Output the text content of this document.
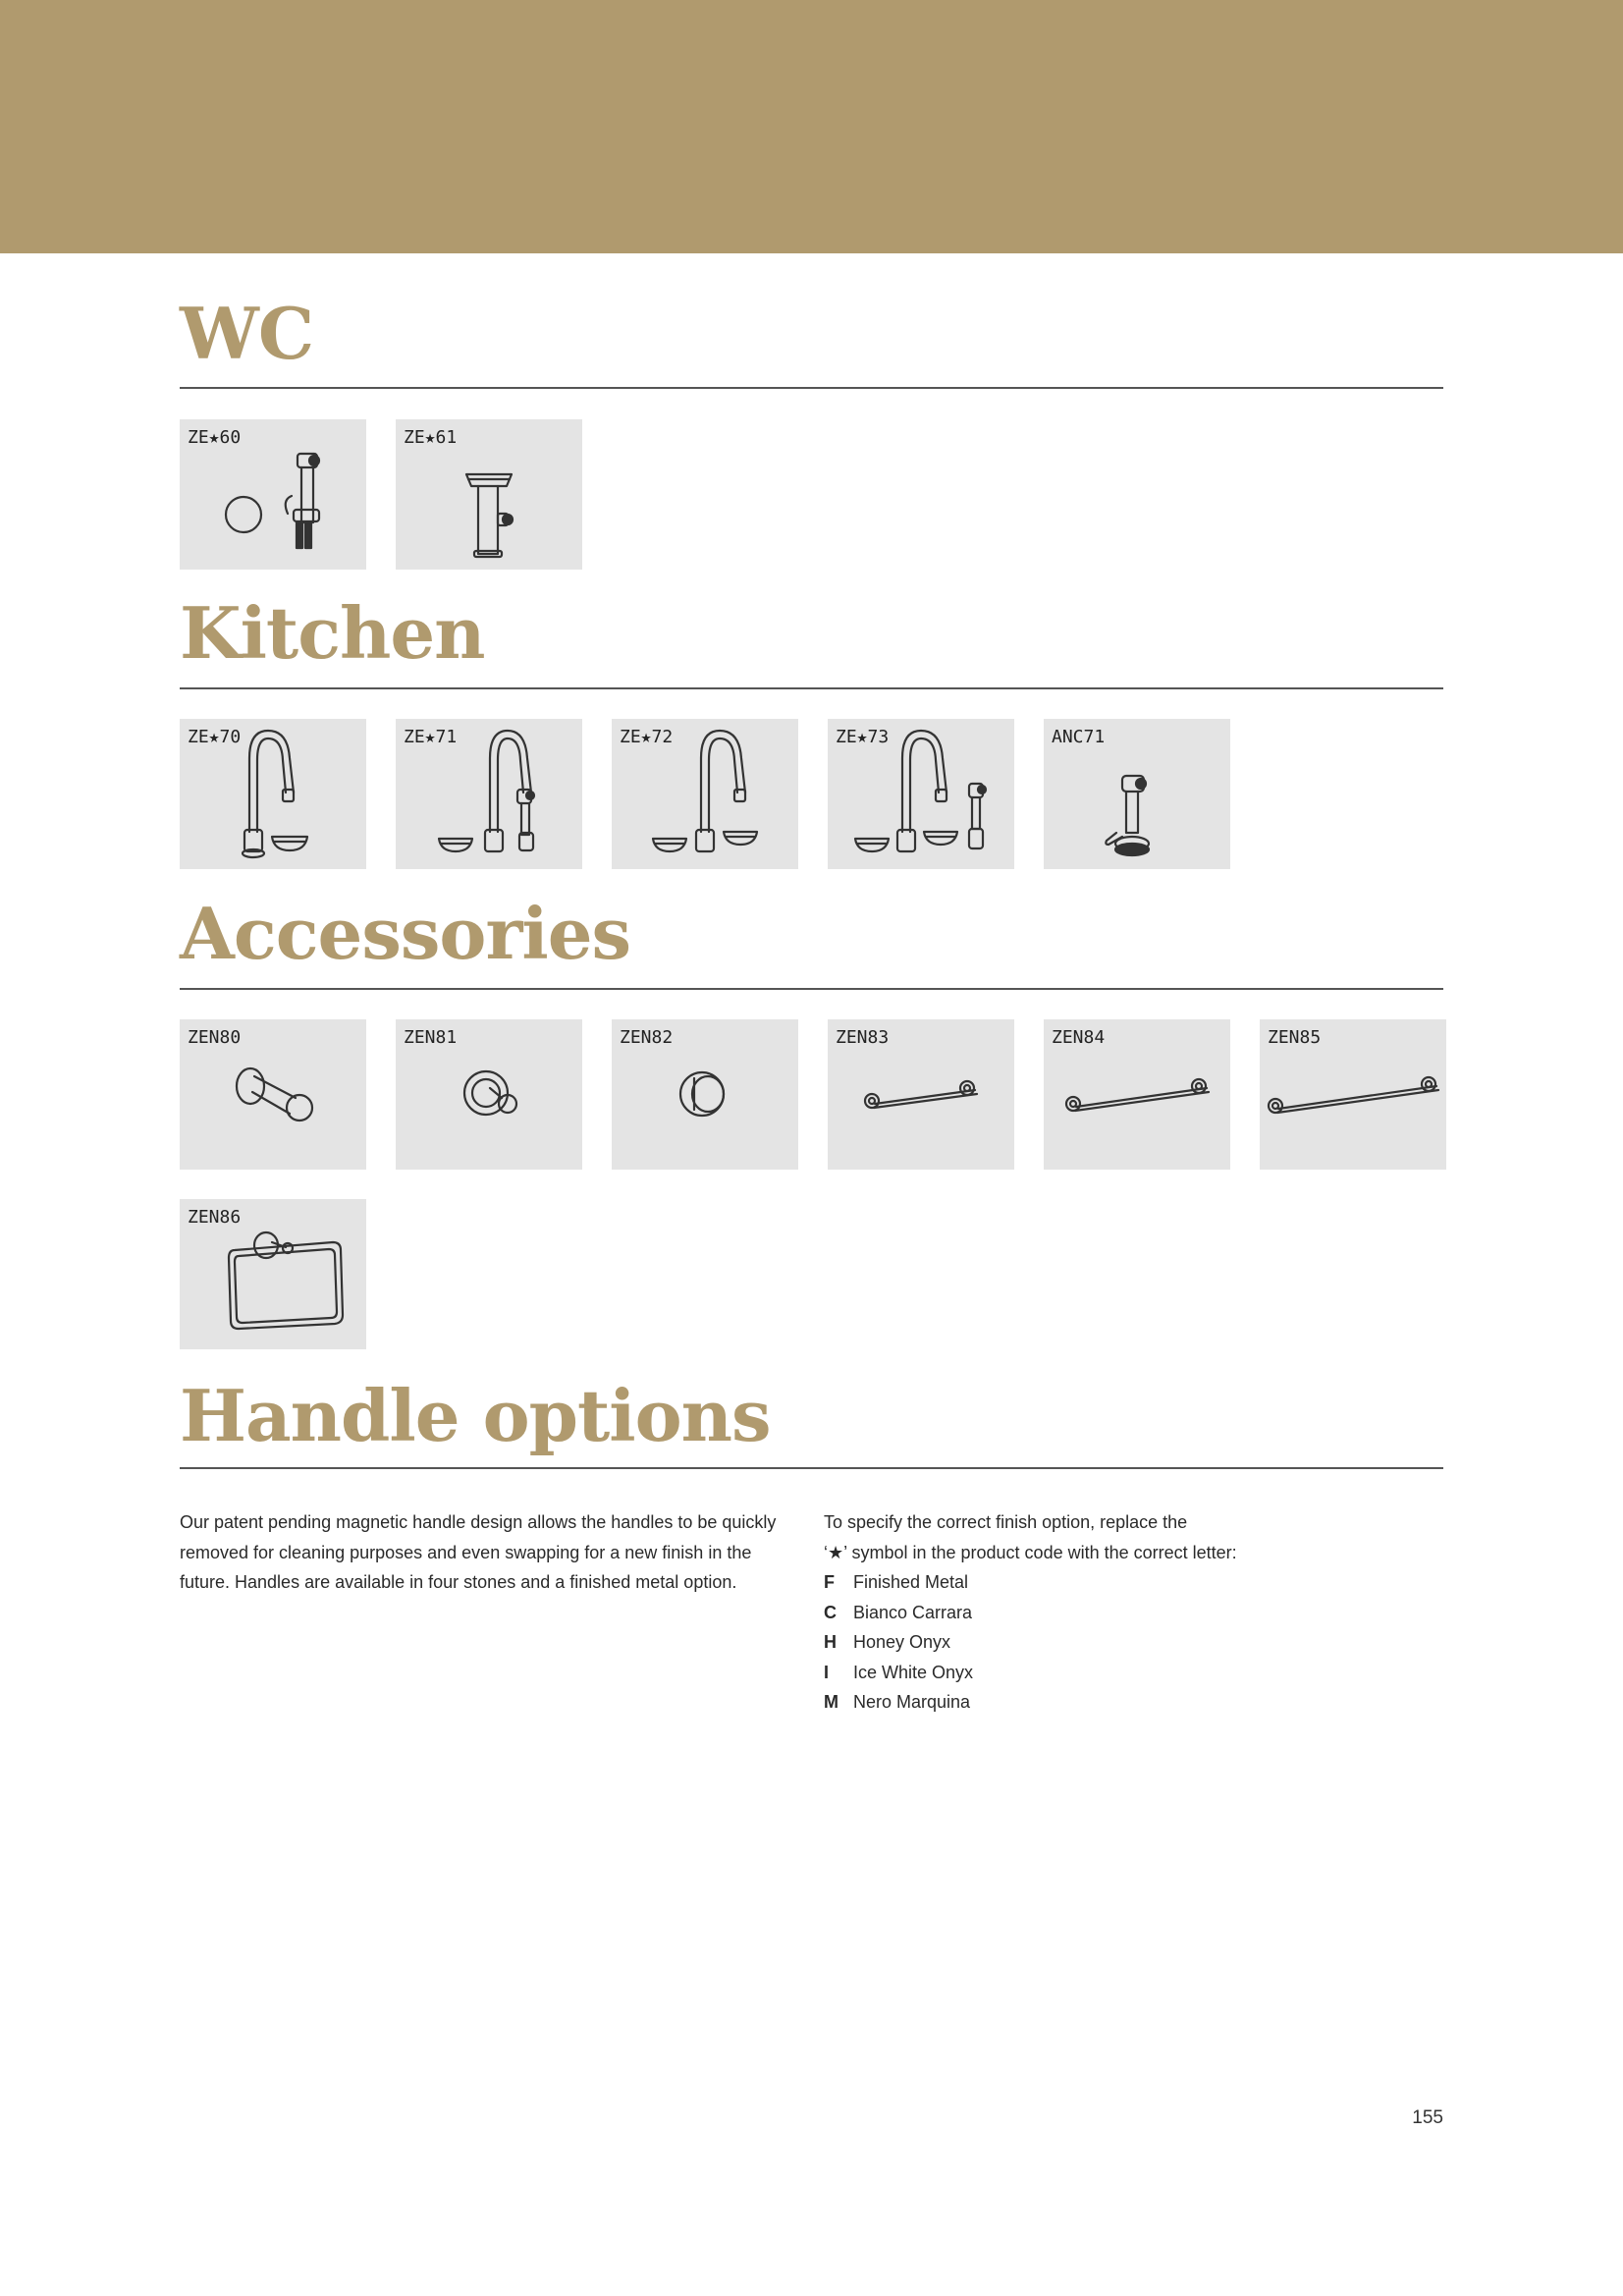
WC
ZE★60	ZE★61
Kitchen
ZE★70	ZE★71	ZE★72	ZE★73	ANC71
Accessories
ZEN80	ZEN81	ZEN82	ZEN83	ZEN84	ZEN85
ZEN86
Handle options
Our patent pending magnetic handle design allows the handles to be quickly removed for cleaning purposes and even swapping for a new finish in the future. Handles are available in four stones and a finished metal option.
To specify the correct finish option, replace the
‘★’ symbol in the product code with the correct letter:
F	Finished Metal
C Bianco Carrara
H Honey Onyx
I	Ice White Onyx
M Nero Marquina
155
